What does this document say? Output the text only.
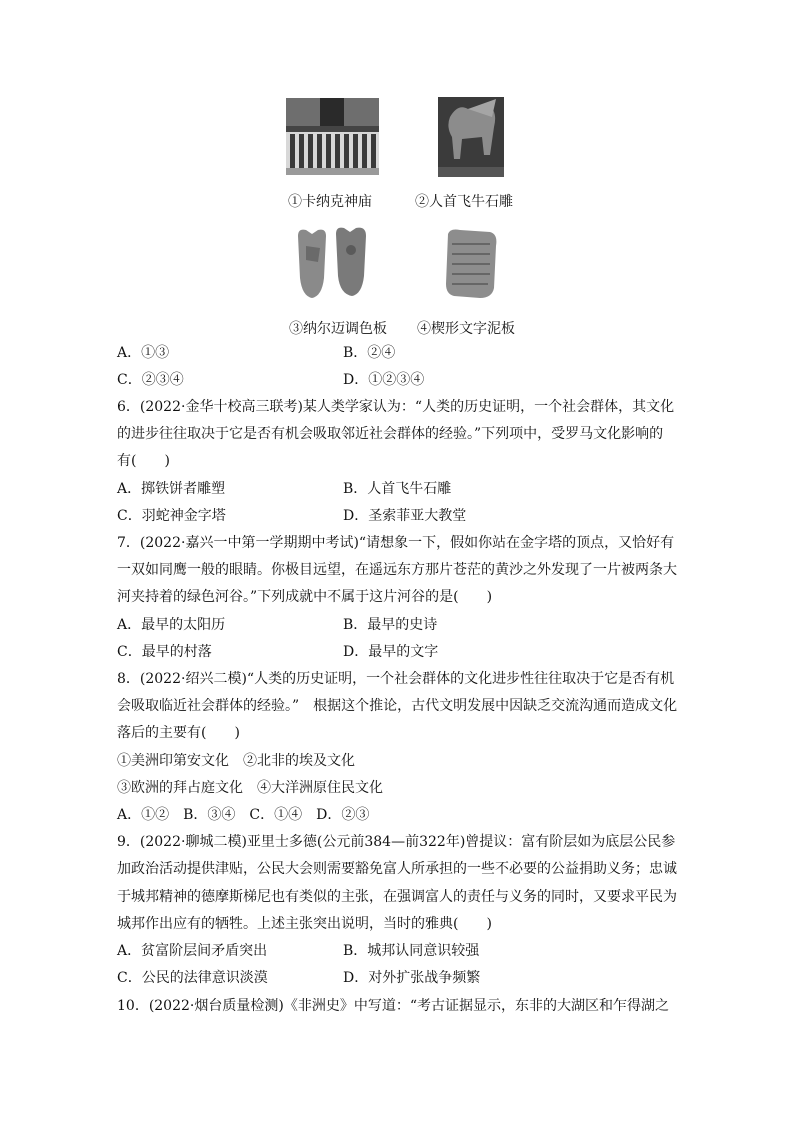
①卡纳克神庙	②人首飞牛石雕
③纳尔迈调色板 ④楔形文字泥板
A．①③	B．②④
C．②③④	D．①②③④
6．(2022·金华十校高三联考)某人类学家认为：“人类的历史证明，一个社会群体，其文化
的进步往往取决于它是否有机会吸取邻近社会群体的经验。”下列项中，受罗马文化影响的
有(　　)
A．掷铁饼者雕塑	B．人首飞牛石雕
C．羽蛇神金字塔	D．圣索菲亚大教堂
7．(2022·嘉兴一中第一学期期中考试)“请想象一下，假如你站在金字塔的顶点，又恰好有
一双如同鹰一般的眼睛。你极目远望，在遥远东方那片苍茫的黄沙之外发现了一片被两条大
河夹持着的绿色河谷。”下列成就中不属于这片河谷的是(　　)
A．最早的太阳历	B．最早的史诗
C．最早的村落	D．最早的文字
8．(2022·绍兴二模)“人类的历史证明，一个社会群体的文化进步性往往取决于它是否有机
会吸取临近社会群体的经验。”　根据这个推论，古代文明发展中因缺乏交流沟通而造成文化
落后的主要有(　　)
①美洲印第安文化　②北非的埃及文化
③欧洲的拜占庭文化　④大洋洲原住民文化
A．①②　B．③④　C．①④　D．②③
9．(2022·聊城二模)亚里士多德(公元前384—前322年)曾提议：富有阶层如为底层公民参
加政治活动提供津贴，公民大会则需要豁免富人所承担的一些不必要的公益捐助义务；忠诚
于城邦精神的德摩斯梯尼也有类似的主张，在强调富人的责任与义务的同时，又要求平民为
城邦作出应有的牺牲。上述主张突出说明，当时的雅典(　　)
A．贫富阶层间矛盾突出	B．城邦认同意识较强
C．公民的法律意识淡漠	D．对外扩张战争频繁
10．(2022·烟台质量检测)《非洲史》中写道：“考古证据显示，东非的大湖区和乍得湖之
